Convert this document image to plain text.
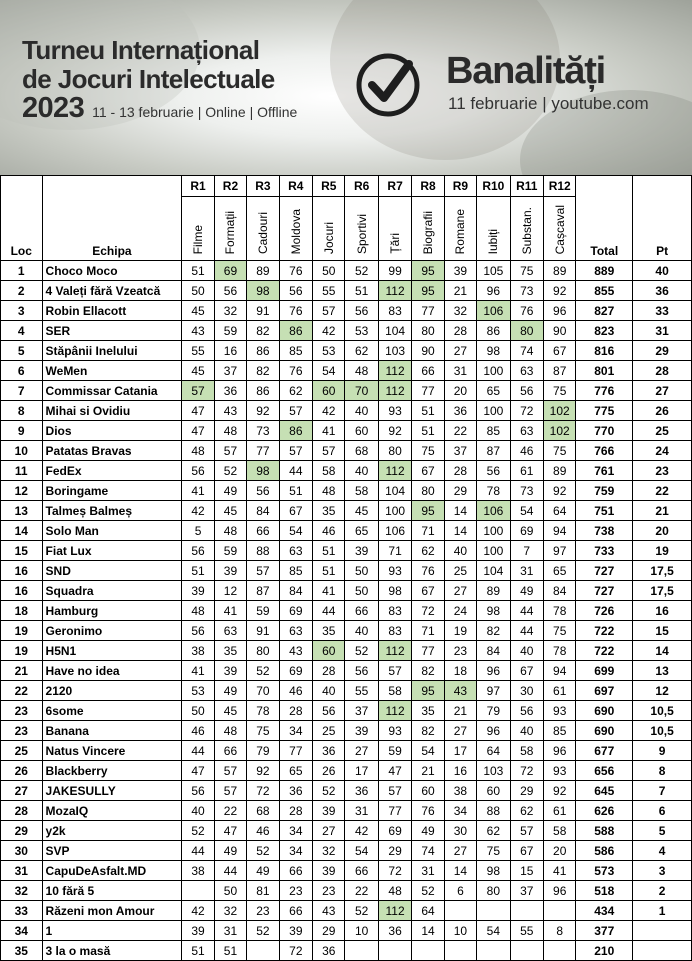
Turneu Internațional
de Jocuri Intelectuale
2023 11 - 13 februarie | Online | Offline
Banalități
11 februarie | youtube.com
Loc	Echipa	R1	R2	R3	R4	R5	R6	R7	R8	R9	R10	R11	R12	Total	Pt
		Filme	Formații	Cadouri	Moldova	Jocuri	Sportivi	Țări	Biografii	Romane	Iubiți	Substan.	Cașcaval		
1	Choco Moco	51	69	89	76	50	52	99	95	39	105	75	89	889	40
2	4 Valeți fără Vzeatcă	50	56	98	56	55	51	112	95	21	96	73	92	855	36
3	Robin Ellacott	45	32	91	76	57	56	83	77	32	106	76	96	827	33
4	SER	43	59	82	86	42	53	104	80	28	86	80	90	823	31
5	Stăpânii Inelului	55	16	86	85	53	62	103	90	27	98	74	67	816	29
6	WeMen	45	37	82	76	54	48	112	66	31	100	63	87	801	28
7	Commissar Catania	57	36	86	62	60	70	112	77	20	65	56	75	776	27
8	Mihai si Ovidiu	47	43	92	57	42	40	93	51	36	100	72	102	775	26
9	Dios	47	48	73	86	41	60	92	51	22	85	63	102	770	25
10	Patatas Bravas	48	57	77	57	57	68	80	75	37	87	46	75	766	24
11	FedEx	56	52	98	44	58	40	112	67	28	56	61	89	761	23
12	Boringame	41	49	56	51	48	58	104	80	29	78	73	92	759	22
13	Talmeș Balmeș	42	45	84	67	35	45	100	95	14	106	54	64	751	21
14	Solo Man	5	48	66	54	46	65	106	71	14	100	69	94	738	20
15	Fiat Lux	56	59	88	63	51	39	71	62	40	100	7	97	733	19
16	SND	51	39	57	85	51	50	93	76	25	104	31	65	727	17,5
16	Squadra	39	12	87	84	41	50	98	67	27	89	49	84	727	17,5
18	Hamburg	48	41	59	69	44	66	83	72	24	98	44	78	726	16
19	Geronimo	56	63	91	63	35	40	83	71	19	82	44	75	722	15
19	H5N1	38	35	80	43	60	52	112	77	23	84	40	78	722	14
21	Have no idea	41	39	52	69	28	56	57	82	18	96	67	94	699	13
22	2120	53	49	70	46	40	55	58	95	43	97	30	61	697	12
23	6some	50	45	78	28	56	37	112	35	21	79	56	93	690	10,5
23	Banana	46	48	75	34	25	39	93	82	27	96	40	85	690	10,5
25	Natus Vincere	44	66	79	77	36	27	59	54	17	64	58	96	677	9
26	Blackberry	47	57	92	65	26	17	47	21	16	103	72	93	656	8
27	JAKESULLY	56	57	72	36	52	36	57	60	38	60	29	92	645	7
28	MozaIQ	40	22	68	28	39	31	77	76	34	88	62	61	626	6
29	y2k	52	47	46	34	27	42	69	49	30	62	57	58	588	5
30	SVP	44	49	52	34	32	54	29	74	27	75	67	20	586	4
31	CapuDeAsfalt.MD	38	44	49	66	39	66	72	31	14	98	15	41	573	3
32	10 fără 5		50	81	23	23	22	48	52	6	80	37	96	518	2
33	Răzeni mon Amour	42	32	23	66	43	52	112	64					434	1
34	1	39	31	52	39	29	10	36	14	10	54	55	8	377	
35	3 la o masă	51	51		72	36								210	
